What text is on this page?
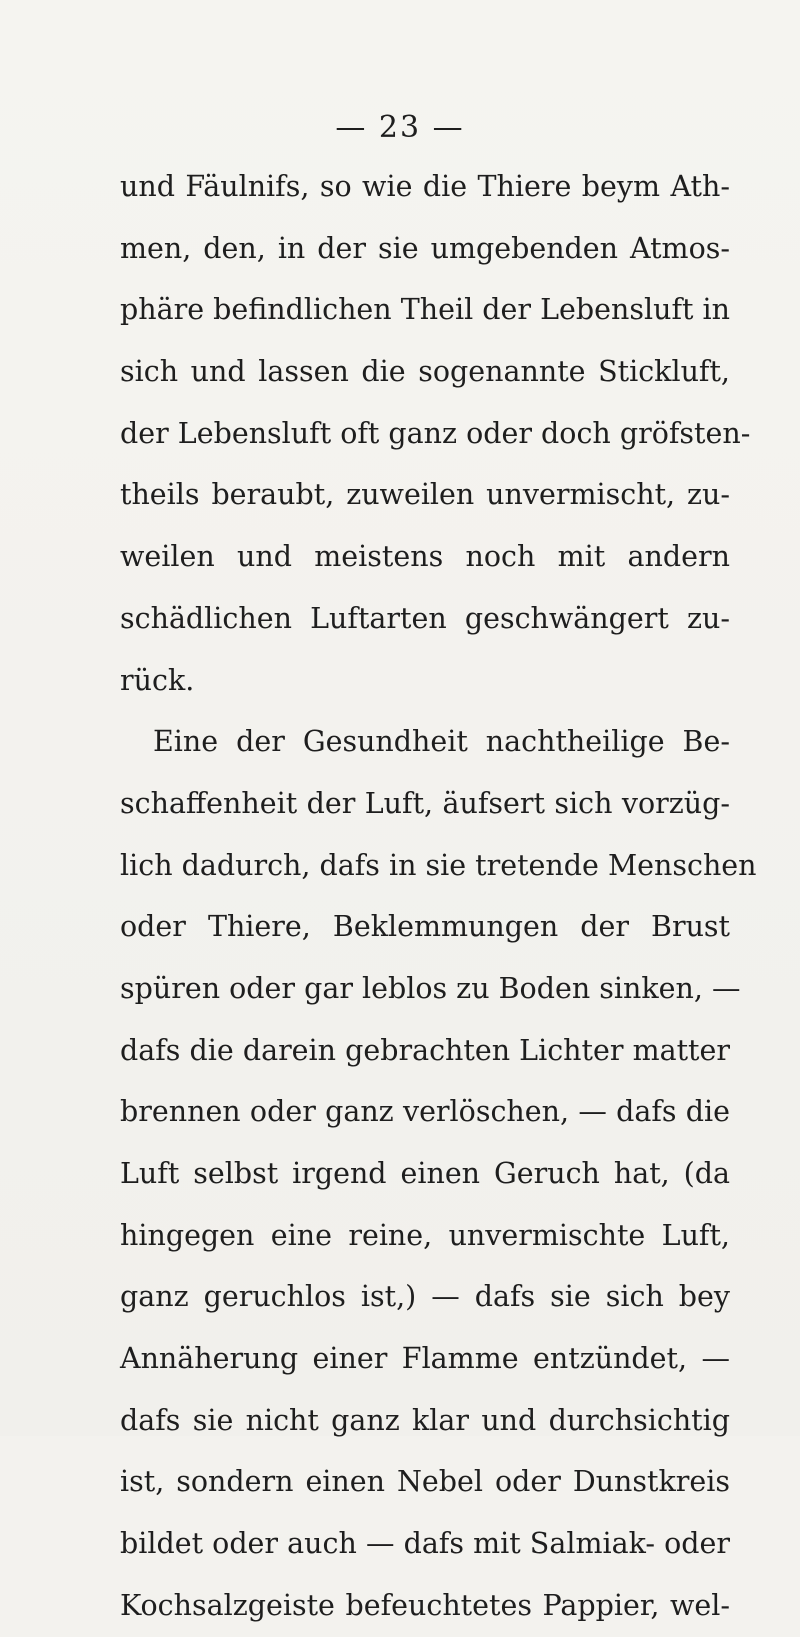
— 23 —
und Fäulnifs, so wie die Thiere beym Ath-
men, den, in der sie umgebenden Atmos-
phäre befindlichen Theil der Lebensluft in
sich und lassen die sogenannte Stickluft,
der Lebensluft oft ganz oder doch gröfsten-
theils beraubt, zuweilen unvermischt, zu-
weilen und meistens noch mit andern
schädlichen Luftarten geschwängert zu-
rück.
Eine der Gesundheit nachtheilige Be-
schaffenheit der Luft, äufsert sich vorzüg-
lich dadurch, dafs in sie tretende Menschen
oder Thiere, Beklemmungen der Brust
spüren oder gar leblos zu Boden sinken, —
dafs die darein gebrachten Lichter matter
brennen oder ganz verlöschen, — dafs die
Luft selbst irgend einen Geruch hat, (da
hingegen eine reine, unvermischte Luft,
ganz geruchlos ist,) — dafs sie sich bey
Annäherung einer Flamme entzündet, —
dafs sie nicht ganz klar und durchsichtig
ist, sondern einen Nebel oder Dunstkreis
bildet oder auch — dafs mit Salmiak- oder
Kochsalzgeiste befeuchtetes Pappier, wel-
